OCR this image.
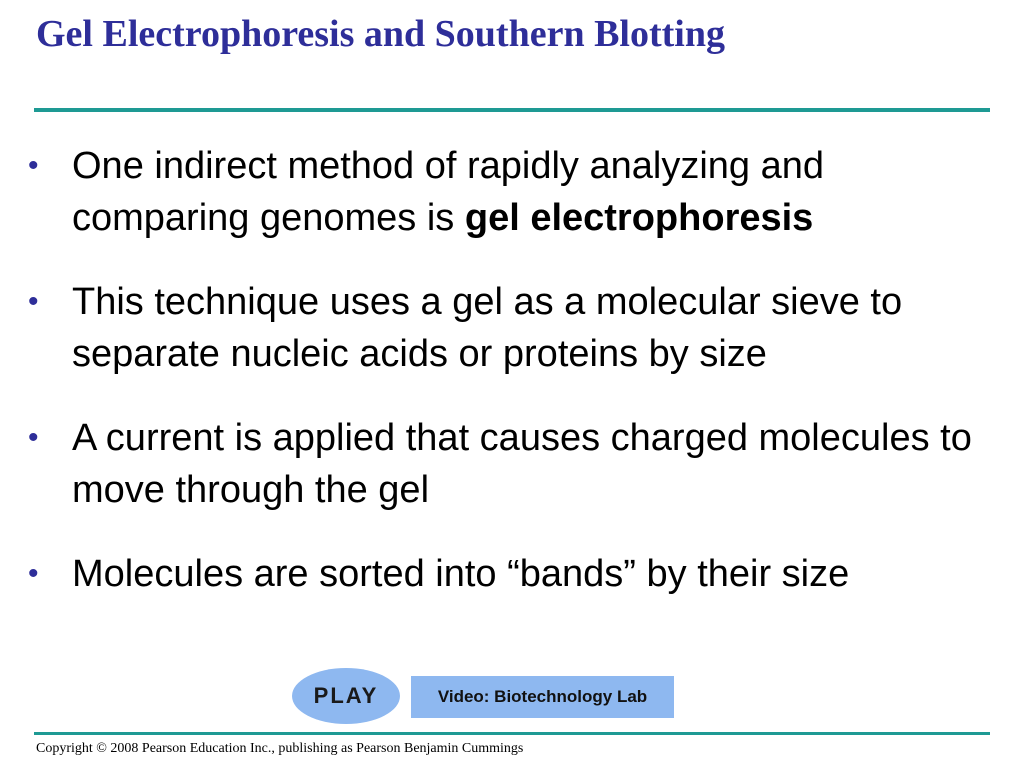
Gel Electrophoresis and Southern Blotting
• One indirect method of rapidly analyzing and comparing genomes is gel electrophoresis
• This technique uses a gel as a molecular sieve to separate nucleic acids or proteins by size
• A current is applied that causes charged molecules to move through the gel
• Molecules are sorted into “bands” by their size
PLAY	Video: Biotechnology Lab
Copyright © 2008 Pearson Education Inc., publishing as Pearson Benjamin Cummings
